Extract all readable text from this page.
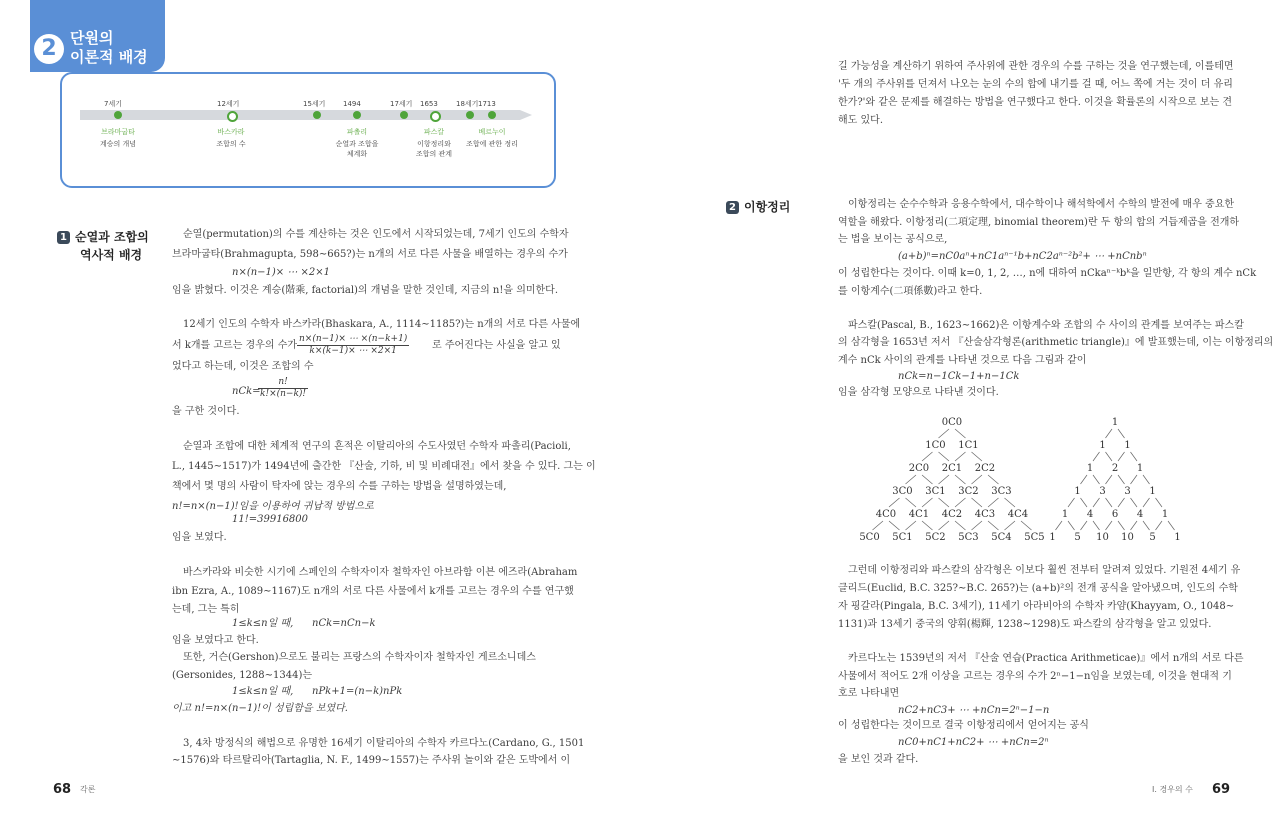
2 단원의
이론적 배경
7세기
브라마굽타
계승의 개념
12세기
바스카라
조합의 수
15세기	1494
파촐리
순열과 조합을
체계화
17세기 1653
파스칼
이항정리와
조합의 관계
18세기 1713
베르누이
조합에 관한 정리
1 순열과 조합의
역사적 배경
순열(permutation)의 수를 계산하는 것은 인도에서 시작되었는데, 7세기 인도의 수학자
브라마굽타(Brahmagupta, 598∼665?)는 n개의 서로 다른 사물을 배열하는 경우의 수가
n×(n−1)× ⋯ ×2×1
임을 밝혔다. 이것은 계승(階乘, factorial)의 개념을 말한 것인데, 지금의 n!을 의미한다.
12세기 인도의 수학자 바스카라(Bhaskara, A., 1114∼1185?)는 n개의 서로 다른 사물에
서 k개를 고르는 경우의 수가 $\frac{n\times(n-1)\times \cdots \times(n-k+1)}{k\times(k-1)\times \cdots \times 2\times 1}$ 로 주어진다는 사실을 알고 있
었다고 하는데, 이것은 조합의 수
nCk=
$\frac{n!}{k!\times(n-k)!}$
을 구한 것이다.
순열과 조합에 대한 체계적 연구의 흔적은 이탈리아의 수도사였던 수학자 파촐리(Pacioli,
L., 1445∼1517)가 1494년에 출간한 『산술, 기하, 비 및 비례대전』에서 찾을 수 있다. 그는 이
책에서 몇 명의 사람이 탁자에 앉는 경우의 수를 구하는 방법을 설명하였는데,
n!=n×(n−1)!임을 이용하여 귀납적 방법으로
11!=39916800
임을 보였다.
바스카라와 비슷한 시기에 스페인의 수학자이자 철학자인 아브라함 이븐 에즈라(Abraham
ibn Ezra, A., 1089∼1167)도 n개의 서로 다른 사물에서 k개를 고르는 경우의 수를 연구했
는데, 그는 특히
1≤k≤n일 때, nCk=nCn−k
임을 보였다고 한다.
또한, 거슨(Gershon)으로도 불리는 프랑스의 수학자이자 철학자인 게르소니데스
(Gersonides, 1288∼1344)는
1≤k≤n일 때, nPk+1=(n−k)nPk
이고 n!=n×(n−1)!이 성립함을 보였다.
3, 4차 방정식의 해법으로 유명한 16세기 이탈리아의 수학자 카르다노(Cardano, G., 1501
∼1576)와 타르탈리아(Tartaglia, N. F., 1499∼1557)는 주사위 놀이와 같은 도박에서 이
길 가능성을 계산하기 위하여 주사위에 관한 경우의 수를 구하는 것을 연구했는데, 이를테면
'두 개의 주사위를 던져서 나오는 눈의 수의 합에 내기를 걸 때, 어느 쪽에 거는 것이 더 유리
한가?'와 같은 문제를 해결하는 방법을 연구했다고 한다. 이것을 확률론의 시작으로 보는 견
해도 있다.
2 이항정리	이항정리는 순수수학과 응용수학에서, 대수학이나 해석학에서 수학의 발전에 매우 중요한
역할을 해왔다. 이항정리(二項定理, binomial theorem)란 두 항의 합의 거듭제곱을 전개하
는 법을 보이는 공식으로,
(a+b)ⁿ=nC0aⁿ+nC1aⁿ⁻¹b+nC2aⁿ⁻²b²+ ⋯ +nCnbⁿ
이 성립한다는 것이다. 이때 k=0, 1, 2, …, n에 대하여 nCkaⁿ⁻ᵏbᵏ을 일반항, 각 항의 계수 nCk
를 이항계수(二項係數)라고 한다.
파스칼(Pascal, B., 1623∼1662)은 이항계수와 조합의 수 사이의 관계를 보여주는 파스칼
의 삼각형을 1653년 저서 『산술삼각형론(arithmetic triangle)』에 발표했는데, 이는 이항정리의
계수 nCk 사이의 관계를 나타낸 것으로 다음 그림과 같이
nCk=n−1Ck−1+n−1Ck
임을 삼각형 모양으로 나타낸 것이다.
0C0
1C0 1C1
2C0 2C1 2C2
3C0 3C1 3C2 3C3
4C0 4C1 4C2 4C3 4C4
5C0 5C1 5C2 5C3 5C4 5C5
1
1 1
1 2 1
1 3 3 1
1 4 6 4 1
1 5 10 10 5 1
그런데 이항정리와 파스칼의 삼각형은 이보다 훨씬 전부터 알려져 있었다. 기원전 4세기 유
클리드(Euclid, B.C. 325?∼B.C. 265?)는 (a+b)²의 전개 공식을 알아냈으며, 인도의 수학
자 핑갈라(Pingala, B.C. 3세기), 11세기 아라비아의 수학자 카얌(Khayyam, O., 1048∼
1131)과 13세기 중국의 양휘(楊輝, 1238∼1298)도 파스칼의 삼각형을 알고 있었다.
카르다노는 1539년의 저서 『산술 연습(Practica Arithmeticae)』에서 n개의 서로 다른
사물에서 적어도 2개 이상을 고르는 경우의 수가 2ⁿ−1−n임을 보였는데, 이것을 현대적 기
호로 나타내면
nC2+nC3+ ⋯ +nCn=2ⁿ−1−n
이 성립한다는 것이므로 결국 이항정리에서 얻어지는 공식
nC0+nC1+nC2+ ⋯ +nCn=2ⁿ
을 보인 것과 같다.
68 각론	Ⅰ. 경우의 수 69
